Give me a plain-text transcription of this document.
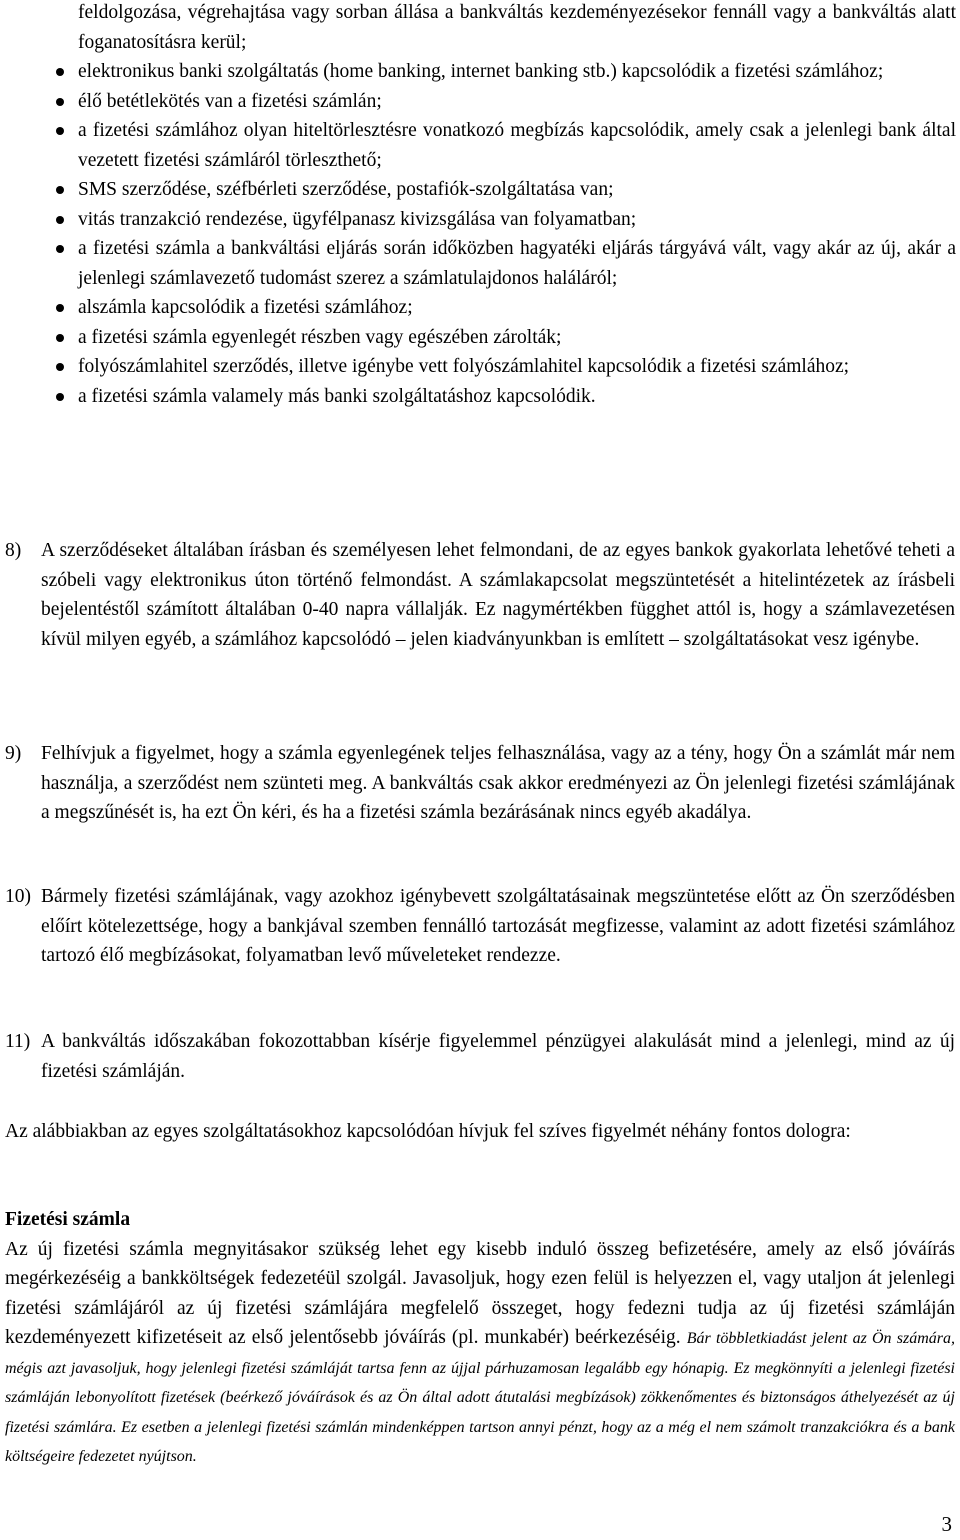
feldolgozása, végrehajtása vagy sorban állása a bankváltás kezdeményezésekor fennáll vagy a bankváltás alatt foganatosításra kerül;
elektronikus banki szolgáltatás (home banking, internet banking stb.) kapcsolódik a fizetési számlához;
élő betétlekötés van a fizetési számlán;
a fizetési számlához olyan hiteltörlesztésre vonatkozó megbízás kapcsolódik, amely csak a jelenlegi bank által vezetett fizetési számláról törleszthető;
SMS szerződése, széfbérleti szerződése, postafiók-szolgáltatása van;
vitás tranzakció rendezése, ügyfélpanasz kivizsgálása van folyamatban;
a fizetési számla a bankváltási eljárás során időközben hagyatéki eljárás tárgyává vált, vagy akár az új, akár a jelenlegi számlavezető tudomást szerez a számlatulajdonos haláláról;
alszámla kapcsolódik a fizetési számlához;
a fizetési számla egyenlegét részben vagy egészében zárolták;
folyószámlahitel szerződés, illetve igénybe vett folyószámlahitel kapcsolódik a fizetési számlához;
a fizetési számla valamely más banki szolgáltatáshoz kapcsolódik.
8) A szerződéseket általában írásban és személyesen lehet felmondani, de az egyes bankok gyakorlata lehetővé teheti a szóbeli vagy elektronikus úton történő felmondást. A számlakapcsolat megszüntetését a hitelintézetek az írásbeli bejelentéstől számított általában 0-40 napra vállalják. Ez nagymértékben függhet attól is, hogy a számlavezetésen kívül milyen egyéb, a számlához kapcsolódó – jelen kiadványunkban is említett – szolgáltatásokat vesz igénybe.
9) Felhívjuk a figyelmet, hogy a számla egyenlegének teljes felhasználása, vagy az a tény, hogy Ön a számlát már nem használja, a szerződést nem szünteti meg. A bankváltás csak akkor eredményezi az Ön jelenlegi fizetési számlájának a megszűnését is, ha ezt Ön kéri, és ha a fizetési számla bezárásának nincs egyéb akadálya.
10) Bármely fizetési számlájának, vagy azokhoz igénybevett szolgáltatásainak megszüntetése előtt az Ön szerződésben előírt kötelezettsége, hogy a bankjával szemben fennálló tartozását megfizesse, valamint az adott fizetési számlához tartozó élő megbízásokat, folyamatban levő műveleteket rendezze.
11) A bankváltás időszakában fokozottabban kísérje figyelemmel pénzügyei alakulását mind a jelenlegi, mind az új fizetési számláján.

Az alábbiakban az egyes szolgáltatásokhoz kapcsolódóan hívjuk fel szíves figyelmét néhány fontos dologra:

Fizetési számla
Az új fizetési számla megnyitásakor szükség lehet egy kisebb induló összeg befizetésére, amely az első jóváírás megérkezéséig a bankköltségek fedezetéül szolgál. Javasoljuk, hogy ezen felül is helyezzen el, vagy utaljon át jelenlegi fizetési számlájáról az új fizetési számlájára megfelelő összeget, hogy fedezni tudja az új fizetési számláján kezdeményezett kifizetéseit az első jelentősebb jóváírás (pl. munkabér) beérkezéséig. Bár többletkiadást jelent az Ön számára, mégis azt javasoljuk, hogy jelenlegi fizetési számláját tartsa fenn az újjal párhuzamosan legalább egy hónapig. Ez megkönnyíti a jelenlegi fizetési számláján lebonyolított fizetések (beérkező jóváírások és az Ön által adott átutalási megbízások) zökkenőmentes és biztonságos áthelyezését az új fizetési számlára. Ez esetben a jelenlegi fizetési számlán mindenképpen tartson annyi pénzt, hogy az a még el nem számolt tranzakciókra és a bank költségeire fedezetet nyújtson.
3
